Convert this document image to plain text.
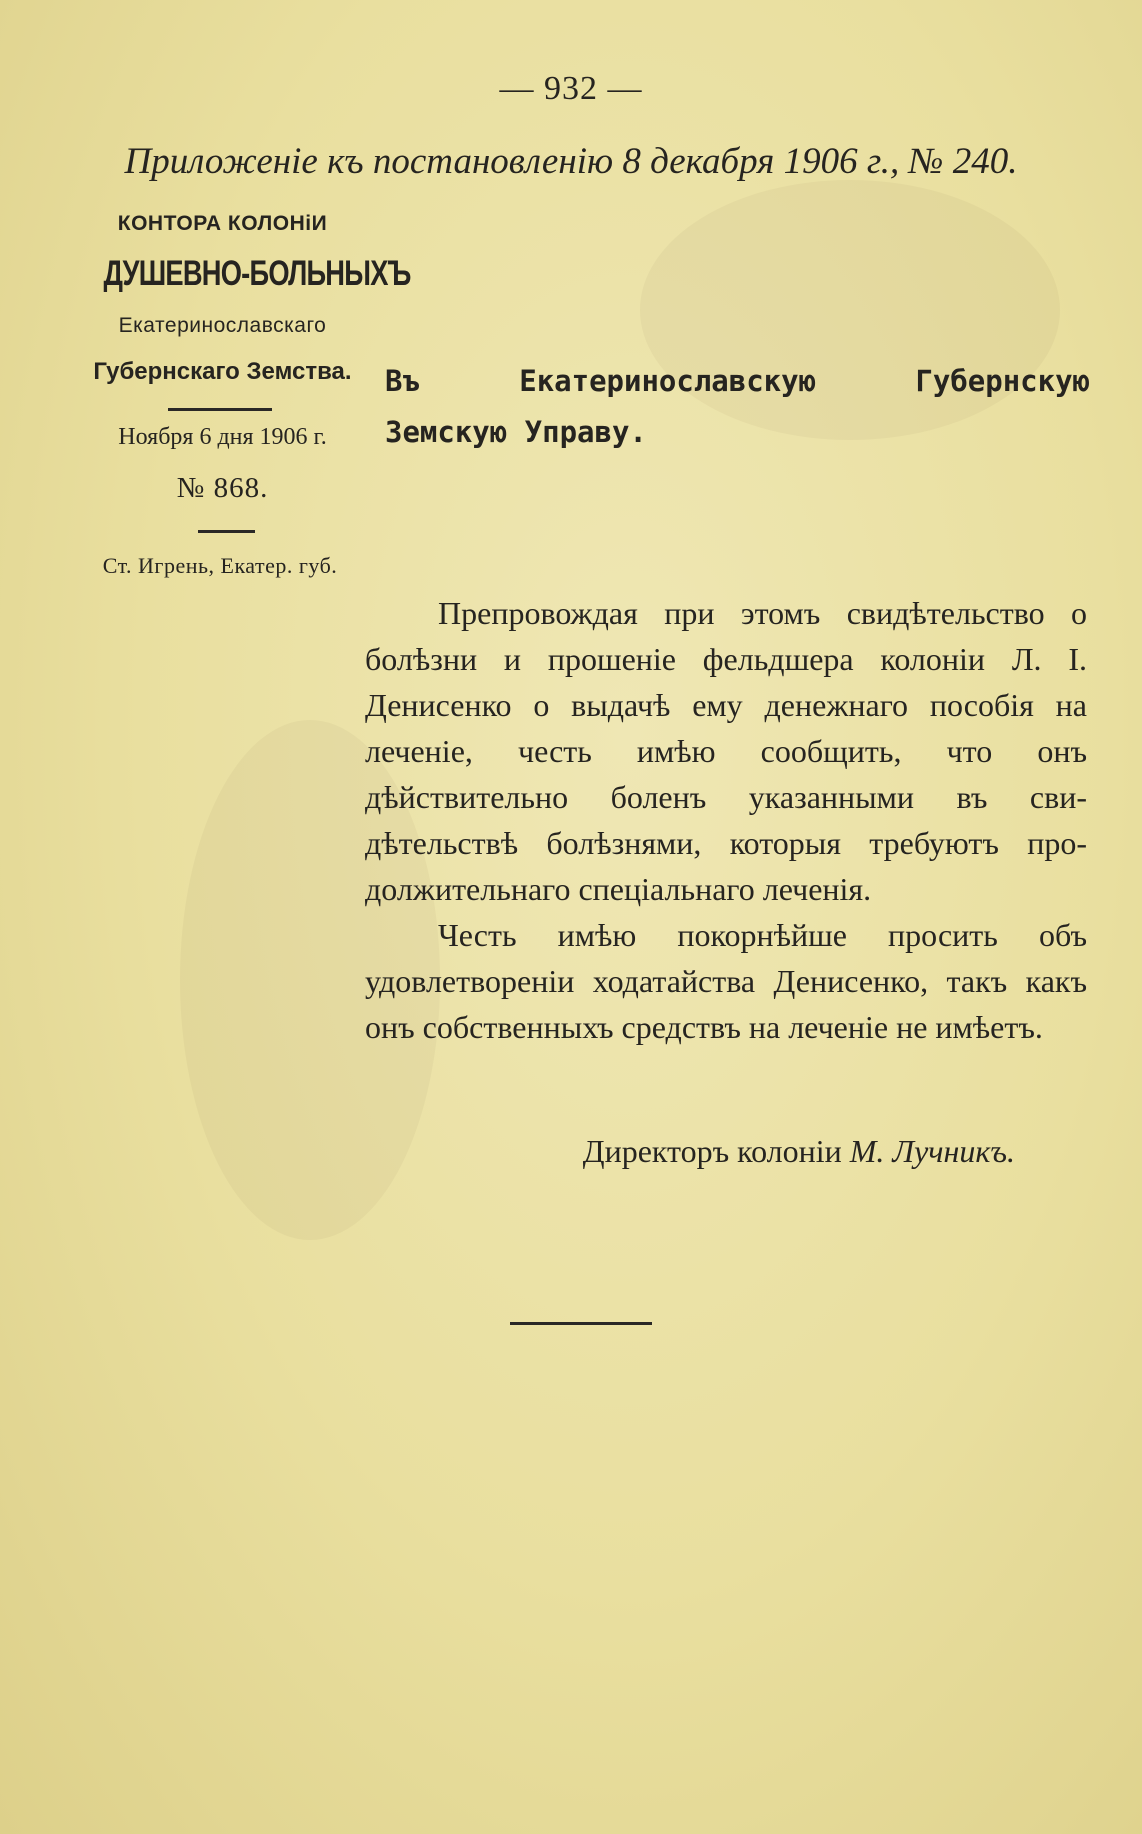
— 932 —
Приложенiе къ постановленiю 8 декабря 1906 г., № 240.
КОНТОРА КОЛОНiИ
ДУШЕВНО-БОЛЬНЫХЪ
Екатеринославскаго
Губернскаго Земства.
Ноября 6 дня 1906 г.
№ 868.
Ст. Игрень, Екатер. губ.
Въ Екатеринославскую Губернскую
Земскую Управу.

Препровождая при этомъ свидѣтельство о болѣзни и прошенiе фельдшера колонiи Л. I. Денисенко о выдачѣ ему денежнаго пособiя на леченiе, честь имѣю сообщить, что онъ дѣйствительно боленъ указанными въ свидѣтельствѣ болѣзнями, которыя требуютъ продолжительнаго спецiальнаго леченiя.

Честь имѣю покорнѣйше просить объ удовлетворенiи ходатайства Денисенко, такъ какъ онъ собственныхъ средствъ на леченiе не имѣетъ.

Директоръ колонiи М. Лучникъ.
